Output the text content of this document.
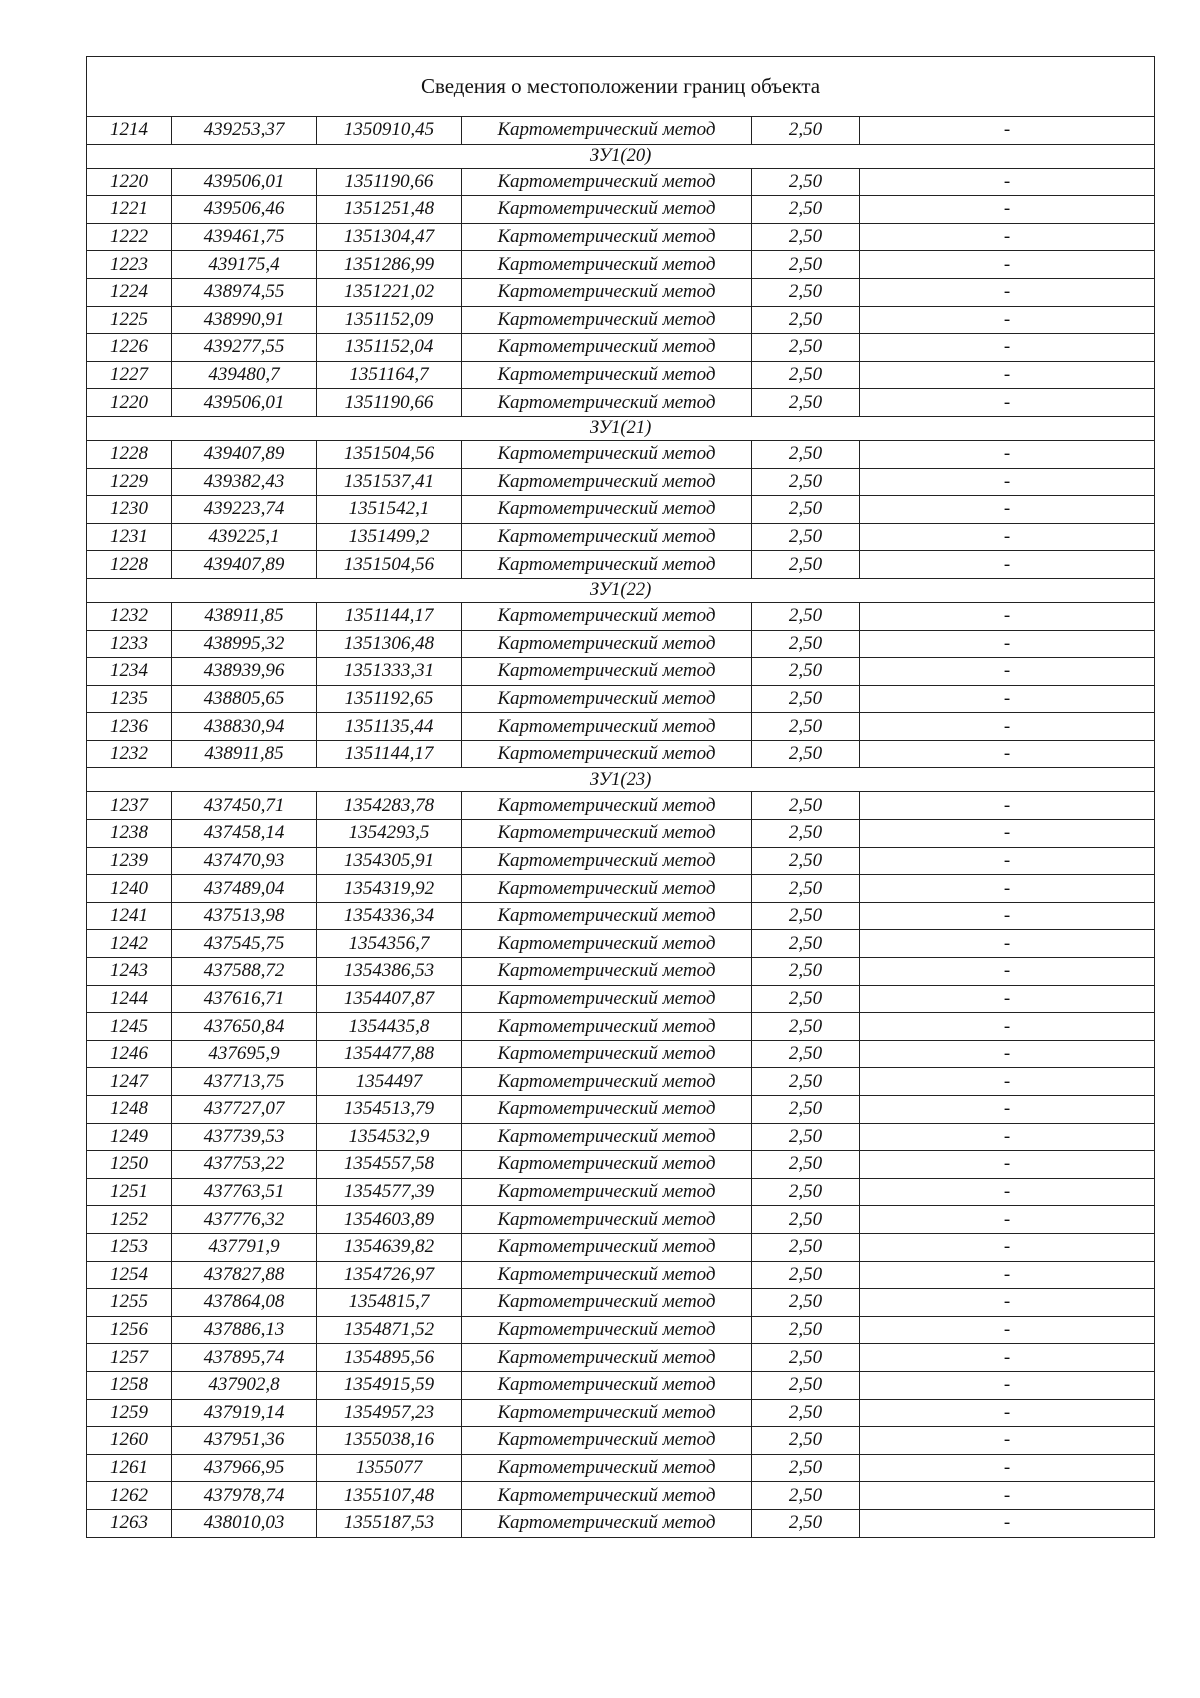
Сведения о местоположении границ объекта					
1214	439253,37	1350910,45	Картометрический метод	2,50	-
ЗУ1(20)					
1220	439506,01	1351190,66	Картометрический метод	2,50	-
1221	439506,46	1351251,48	Картометрический метод	2,50	-
1222	439461,75	1351304,47	Картометрический метод	2,50	-
1223	439175,4	1351286,99	Картометрический метод	2,50	-
1224	438974,55	1351221,02	Картометрический метод	2,50	-
1225	438990,91	1351152,09	Картометрический метод	2,50	-
1226	439277,55	1351152,04	Картометрический метод	2,50	-
1227	439480,7	1351164,7	Картометрический метод	2,50	-
1220	439506,01	1351190,66	Картометрический метод	2,50	-
ЗУ1(21)					
1228	439407,89	1351504,56	Картометрический метод	2,50	-
1229	439382,43	1351537,41	Картометрический метод	2,50	-
1230	439223,74	1351542,1	Картометрический метод	2,50	-
1231	439225,1	1351499,2	Картометрический метод	2,50	-
1228	439407,89	1351504,56	Картометрический метод	2,50	-
ЗУ1(22)					
1232	438911,85	1351144,17	Картометрический метод	2,50	-
1233	438995,32	1351306,48	Картометрический метод	2,50	-
1234	438939,96	1351333,31	Картометрический метод	2,50	-
1235	438805,65	1351192,65	Картометрический метод	2,50	-
1236	438830,94	1351135,44	Картометрический метод	2,50	-
1232	438911,85	1351144,17	Картометрический метод	2,50	-
ЗУ1(23)					
1237	437450,71	1354283,78	Картометрический метод	2,50	-
1238	437458,14	1354293,5	Картометрический метод	2,50	-
1239	437470,93	1354305,91	Картометрический метод	2,50	-
1240	437489,04	1354319,92	Картометрический метод	2,50	-
1241	437513,98	1354336,34	Картометрический метод	2,50	-
1242	437545,75	1354356,7	Картометрический метод	2,50	-
1243	437588,72	1354386,53	Картометрический метод	2,50	-
1244	437616,71	1354407,87	Картометрический метод	2,50	-
1245	437650,84	1354435,8	Картометрический метод	2,50	-
1246	437695,9	1354477,88	Картометрический метод	2,50	-
1247	437713,75	1354497	Картометрический метод	2,50	-
1248	437727,07	1354513,79	Картометрический метод	2,50	-
1249	437739,53	1354532,9	Картометрический метод	2,50	-
1250	437753,22	1354557,58	Картометрический метод	2,50	-
1251	437763,51	1354577,39	Картометрический метод	2,50	-
1252	437776,32	1354603,89	Картометрический метод	2,50	-
1253	437791,9	1354639,82	Картометрический метод	2,50	-
1254	437827,88	1354726,97	Картометрический метод	2,50	-
1255	437864,08	1354815,7	Картометрический метод	2,50	-
1256	437886,13	1354871,52	Картометрический метод	2,50	-
1257	437895,74	1354895,56	Картометрический метод	2,50	-
1258	437902,8	1354915,59	Картометрический метод	2,50	-
1259	437919,14	1354957,23	Картометрический метод	2,50	-
1260	437951,36	1355038,16	Картометрический метод	2,50	-
1261	437966,95	1355077	Картометрический метод	2,50	-
1262	437978,74	1355107,48	Картометрический метод	2,50	-
1263	438010,03	1355187,53	Картометрический метод	2,50	-
